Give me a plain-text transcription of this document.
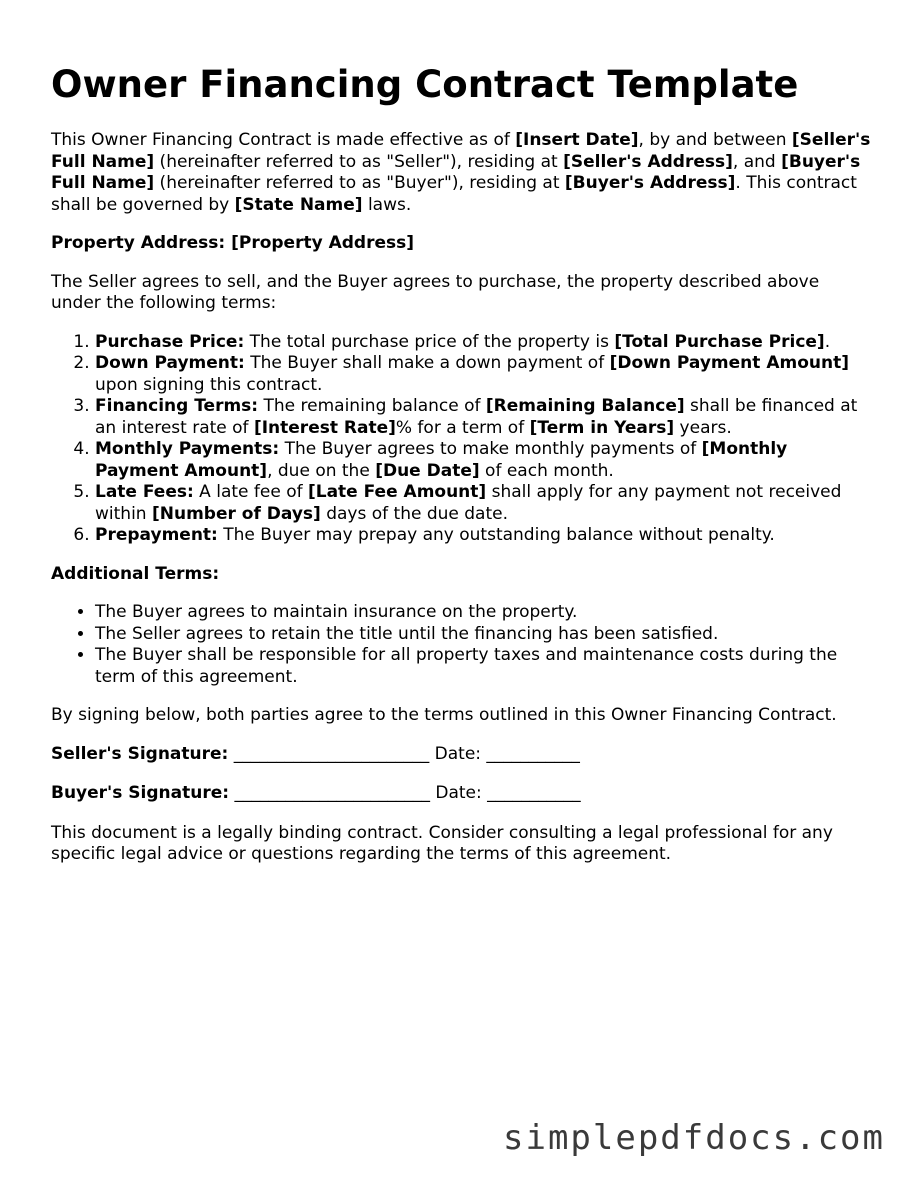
Owner Financing Contract Template

This Owner Financing Contract is made effective as of [Insert Date], by and between [Seller's Full Name] (hereinafter referred to as "Seller"), residing at [Seller's Address], and [Buyer's Full Name] (hereinafter referred to as "Buyer"), residing at [Buyer's Address]. This contract shall be governed by [State Name] laws.

Property Address: [Property Address]

The Seller agrees to sell, and the Buyer agrees to purchase, the property described above under the following terms:

1. Purchase Price: The total purchase price of the property is [Total Purchase Price].
2. Down Payment: The Buyer shall make a down payment of [Down Payment Amount] upon signing this contract.
3. Financing Terms: The remaining balance of [Remaining Balance] shall be financed at an interest rate of [Interest Rate]% for a term of [Term in Years] years.
4. Monthly Payments: The Buyer agrees to make monthly payments of [Monthly Payment Amount], due on the [Due Date] of each month.
5. Late Fees: A late fee of [Late Fee Amount] shall apply for any payment not received within [Number of Days] days of the due date.
6. Prepayment: The Buyer may prepay any outstanding balance without penalty.

Additional Terms:

• The Buyer agrees to maintain insurance on the property.
• The Seller agrees to retain the title until the financing has been satisfied.
• The Buyer shall be responsible for all property taxes and maintenance costs during the term of this agreement.

By signing below, both parties agree to the terms outlined in this Owner Financing Contract.

Seller's Signature: _______________________ Date: ___________

Buyer's Signature: _______________________ Date: ___________

This document is a legally binding contract. Consider consulting a legal professional for any specific legal advice or questions regarding the terms of this agreement.

simplepdfdocs.com
